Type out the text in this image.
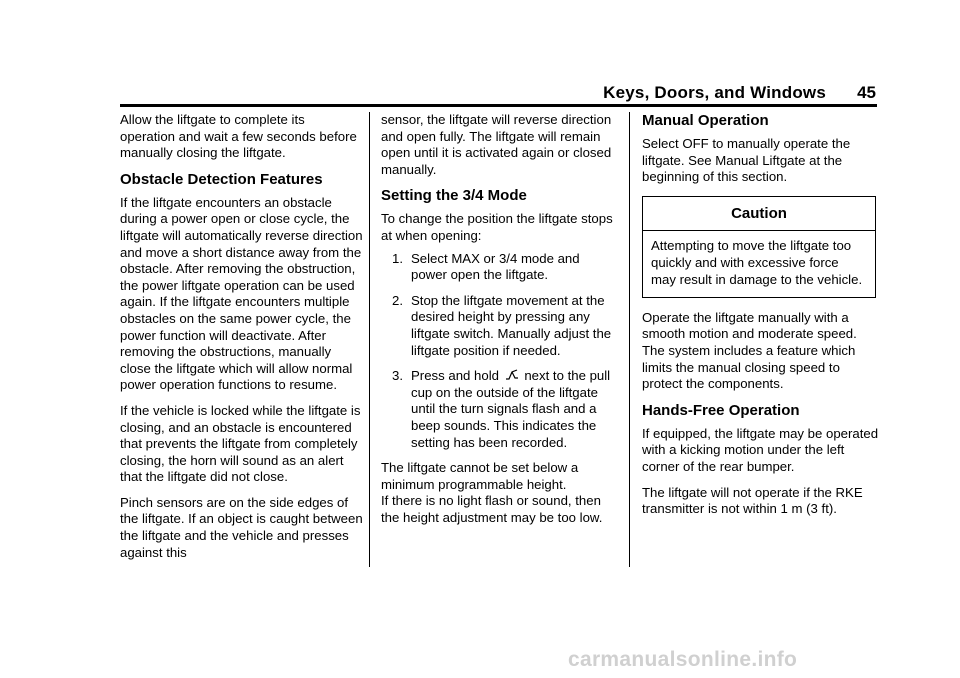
Keys, Doors, and Windows 45

Allow the liftgate to complete its operation and wait a few seconds before manually closing the liftgate.

Obstacle Detection Features

If the liftgate encounters an obstacle during a power open or close cycle, the liftgate will automatically reverse direction and move a short distance away from the obstacle. After removing the obstruction, the power liftgate operation can be used again. If the liftgate encounters multiple obstacles on the same power cycle, the power function will deactivate. After removing the obstructions, manually close the liftgate which will allow normal power operation functions to resume.

If the vehicle is locked while the liftgate is closing, and an obstacle is encountered that prevents the liftgate from completely closing, the horn will sound as an alert that the liftgate did not close.

Pinch sensors are on the side edges of the liftgate. If an object is caught between the liftgate and the vehicle and presses against this

sensor, the liftgate will reverse direction and open fully. The liftgate will remain open until it is activated again or closed manually.

Setting the 3/4 Mode

To change the position the liftgate stops at when opening:

1. Select MAX or 3/4 mode and power open the liftgate.
2. Stop the liftgate movement at the desired height by pressing any liftgate switch. Manually adjust the liftgate position if needed.
3. Press and hold next to the pull cup on the outside of the liftgate until the turn signals flash and a beep sounds. This indicates the setting has been recorded.

The liftgate cannot be set below a minimum programmable height.

If there is no light flash or sound, then the height adjustment may be too low.

Manual Operation

Select OFF to manually operate the liftgate. See Manual Liftgate at the beginning of this section.

Caution
Attempting to move the liftgate too quickly and with excessive force may result in damage to the vehicle.

Operate the liftgate manually with a smooth motion and moderate speed. The system includes a feature which limits the manual closing speed to protect the components.

Hands-Free Operation

If equipped, the liftgate may be operated with a kicking motion under the left corner of the rear bumper.

The liftgate will not operate if the RKE transmitter is not within 1 m (3 ft).

carmanualsonline.info
